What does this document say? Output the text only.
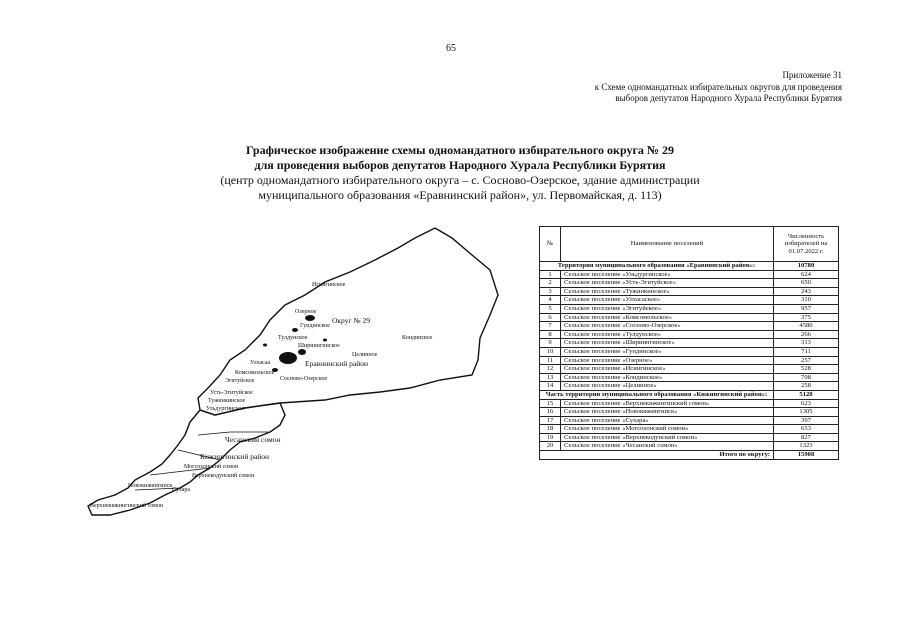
65
Приложение 31
к Схеме одномандатных избирательных округов для проведения
выборов депутатов Народного Хурала Республики Бурятия
Графическое изображение схемы одномандатного избирательного округа № 29
для проведения выборов депутатов Народного Хурала Республики Бурятия
(центр одномандатного избирательного округа – с. Сосново-Озерское, здание администрации
муниципального образования «Еравнинский район», ул. Первомайская, д. 113)
Исингинское
Озерное
Округ № 29
Гундинское
Тулдунское
Шириингинское
Кондинское
Целинное
Улхасаа	Еравнинский район
Комсомольское
Сосново-Озерское
Эгитуйское
Усть-Эгитуйское
Тужинкинское
Ульдургинское
Чесанский сомон
Кижингинский район
Могсохонский сомон
Верхнекодунский сомон
Новокижингинск
Сухара
Верхнекижингинский сомон
№	Наименование поселений	Численность избирателей на 01.07.2022 г.
Территория муниципального образования «Еравнинский район»:		10780
1	Сельское поселение «Ульдургинское»	624
2	Сельское поселение «Усть-Эгитуйское»	650
3	Сельское поселение «Тужинкинское»	243
4	Сельское поселение «Улхасаское»	310
5	Сельское поселение «Эгитуйское»	957
6	Сельское поселение «Комсомольское»	375
7	Сельское поселение «Сосново-Озерское»	4580
8	Сельское поселение «Тулдунское»	266
9	Сельское поселение «Шириингинское»	313
10	Сельское поселение «Гундинское»	711
11	Сельское поселение «Озерное»	257
12	Сельское поселение «Исингинское»	528
13	Сельское поселение «Кондинское»	708
14	Сельское поселение «Целинное»	258
Часть территории муниципального образования «Кижингинский район»:		5128
15	Сельское поселение «Верхнекижингинский сомон»	623
16	Сельское поселение «Новокижингинск»	1305
17	Сельское поселение «Сухара»	397
18	Сельское поселение «Могсохонский сомон»	653
19	Сельское поселение «Верхнекодунский сомон»	827
20	Сельское поселение «Чесанский сомон»	1323
Итого по округу:		15908
